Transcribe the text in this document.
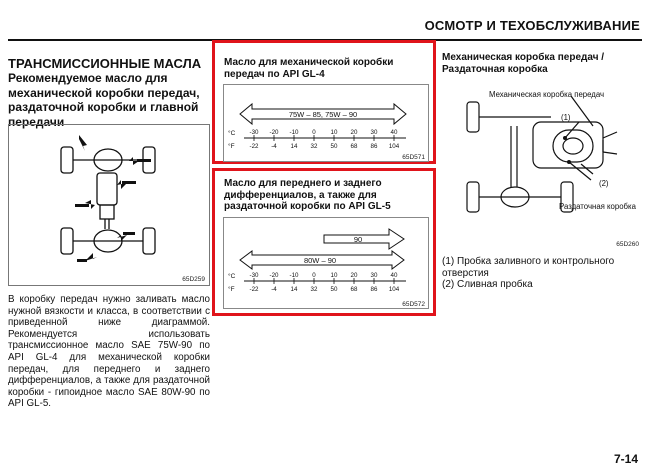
ОСМОТР И ТЕХОБСЛУЖИВАНИЕ
ТРАНСМИССИОННЫЕ МАСЛА
Рекомендуемое масло для механической коробки передач, раздаточной коробки и главной передачи
65D259
В коробку передач нужно заливать масло нужной вязкости и класса, в соответствии с приведенной ниже диаграммой. Рекомендуется использовать трансмиссионное масло SAE 75W-90 по API GL-4 для механической коробки передач, для переднего и заднего дифференциалов, а также для раздаточной коробки - гипоидное масло SAE 80W-90 по API GL-5.
Масло для механической коробки передач по API GL-4
75W – 85, 75W – 90
°C
°F
-30
-22
-20
-4
-10
14
0
32
10
50
20
68
30
86
40
104
65D571
Масло для переднего и заднего дифференциалов, а также для раздаточной коробки по API GL-5
90
80W – 90
°C
°F
-30
-22
-20
-4
-10
14
0
32
10
50
20
68
30
86
40
104
65D572
Механическая коробка передач / Раздаточная коробка
Механическая коробка передач
(1)
(2)
Раздаточная коробка
65D260
(1) Пробка заливного и контрольного отверстия
(2) Сливная пробка
7-14
